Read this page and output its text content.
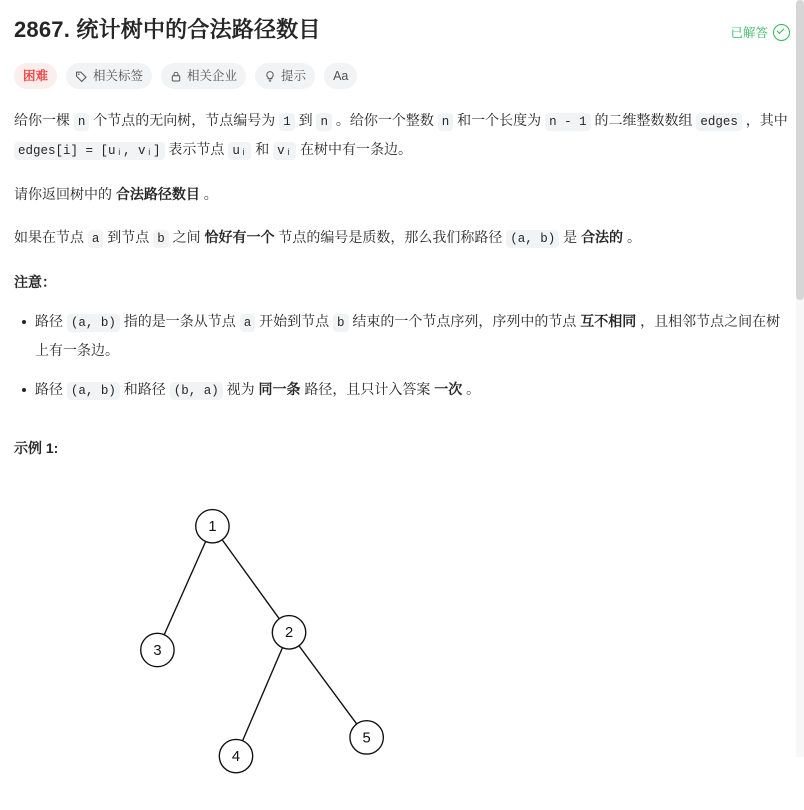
2867. 统计树中的合法路径数目	已解答
困难	相关标签	相关企业	提示	Aa

给你一棵 n 个节点的无向树，节点编号为 1 到 n 。给你一个整数 n 和一个长度为 n - 1 的二维整数数组 edges ，其中 edges[i] = [uᵢ, vᵢ] 表示节点 uᵢ 和 vᵢ 在树中有一条边。

请你返回树中的 合法路径数目 。

如果在节点 a 到节点 b 之间 恰好有一个 节点的编号是质数，那么我们称路径 (a, b) 是 合法的 。

注意：

路径 (a, b) 指的是一条从节点 a 开始到节点 b 结束的一个节点序列，序列中的节点 互不相同 ，且相邻节点之间在树上有一条边。
路径 (a, b) 和路径 (b, a) 视为 同一条 路径，且只计入答案 一次 。
示例 1:
1
3
2
4
5
